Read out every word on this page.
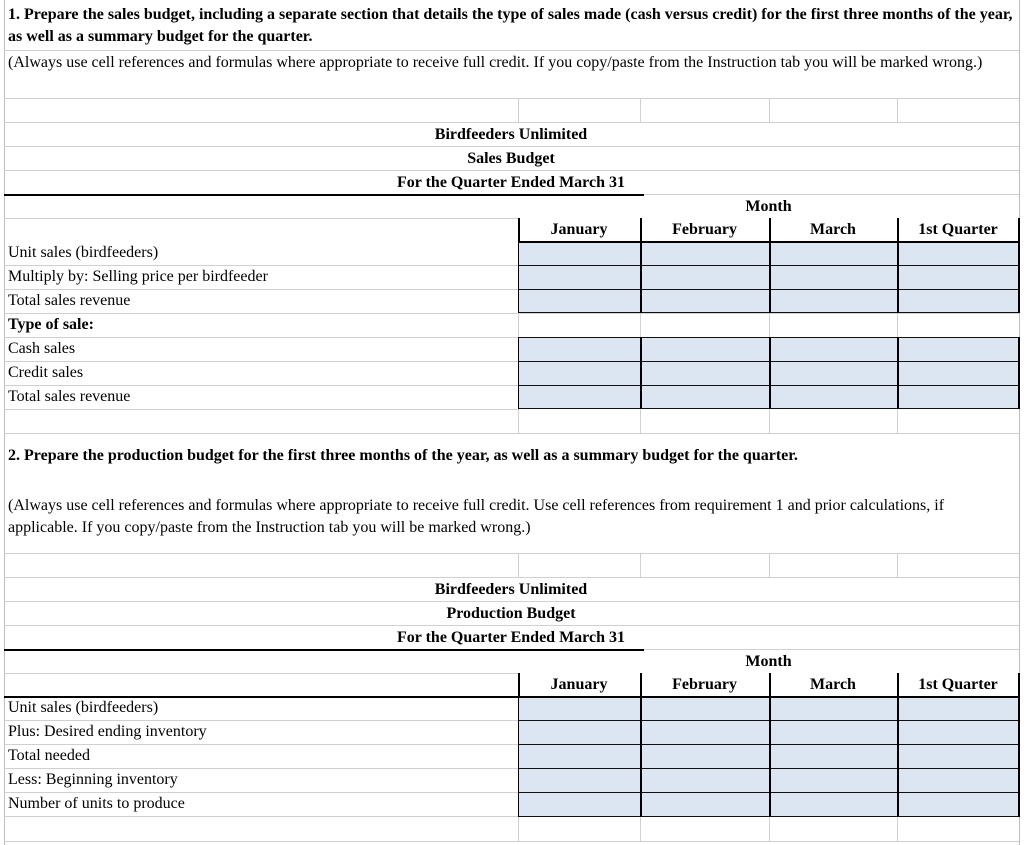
1. Prepare the sales budget, including a separate section that details the type of sales made (cash versus credit) for the first three months of the year, as well as a summary budget for the quarter.
(Always use cell references and formulas where appropriate to receive full credit. If you copy/paste from the Instruction tab you will be marked wrong.)
Birdfeeders Unlimited
Sales Budget
For the Quarter Ended March 31
Month
January	February	March	1st Quarter
Unit sales (birdfeeders)
Multiply by: Selling price per birdfeeder
Total sales revenue
Type of sale:
Cash sales
Credit sales
Total sales revenue
2. Prepare the production budget for the first three months of the year, as well as a summary budget for the quarter.
(Always use cell references and formulas where appropriate to receive full credit. Use cell references from requirement 1 and prior calculations, if applicable. If you copy/paste from the Instruction tab you will be marked wrong.)
Birdfeeders Unlimited
Production Budget
For the Quarter Ended March 31
Month
January	February	March	1st Quarter
Unit sales (birdfeeders)
Plus: Desired ending inventory
Total needed
Less: Beginning inventory
Number of units to produce
